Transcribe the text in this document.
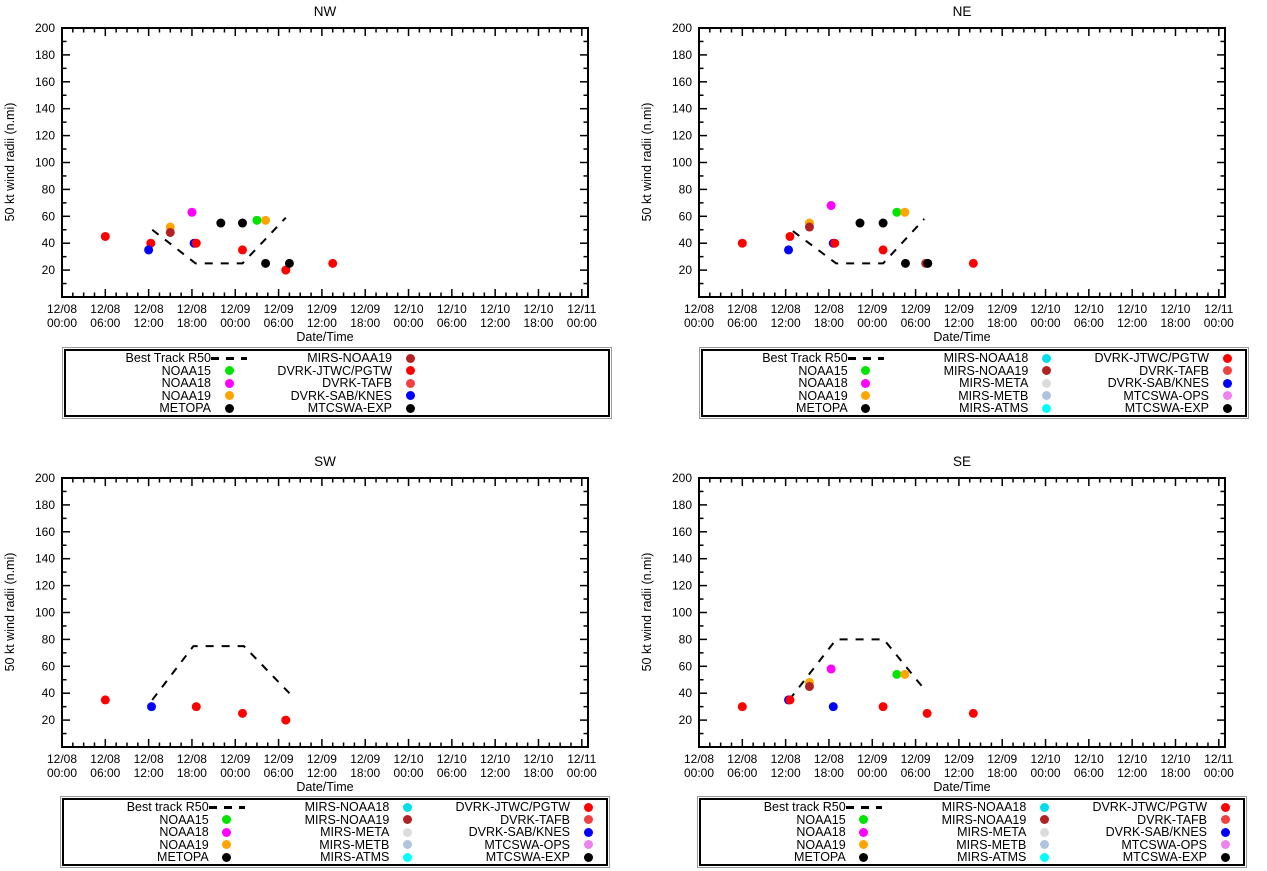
NW
50 kt wind radii (n.mi)
Date/Time
12/08
00:00
12/08
06:00
12/08
12:00
12/08
18:00
12/09
00:00
12/09
06:00
12/09
12:00
12/09
18:00
12/10
00:00
12/10
06:00
12/10
12:00
12/10
18:00
12/11
00:00
20
40
60
80
100
120
140
160
180
200
NE
50 kt wind radii (n.mi)
Date/Time
12/08
00:00
12/08
06:00
12/08
12:00
12/08
18:00
12/09
00:00
12/09
06:00
12/09
12:00
12/09
18:00
12/10
00:00
12/10
06:00
12/10
12:00
12/10
18:00
12/11
00:00
20
40
60
80
100
120
140
160
180
200
SW
50 kt wind radii (n.mi)
Date/Time
12/08
00:00
12/08
06:00
12/08
12:00
12/08
18:00
12/09
00:00
12/09
06:00
12/09
12:00
12/09
18:00
12/10
00:00
12/10
06:00
12/10
12:00
12/10
18:00
12/11
00:00
20
40
60
80
100
120
140
160
180
200
SE
50 kt wind radii (n.mi)
Date/Time
12/08
00:00
12/08
06:00
12/08
12:00
12/08
18:00
12/09
00:00
12/09
06:00
12/09
12:00
12/09
18:00
12/10
00:00
12/10
06:00
12/10
12:00
12/10
18:00
12/11
00:00
20
40
60
80
100
120
140
160
180
200
Best Track R50
NOAA15
NOAA18
NOAA19
METOPA
MIRS-NOAA19
DVRK-JTWC/PGTW
DVRK-TAFB
DVRK-SAB/KNES
MTCSWA-EXP
Best Track R50
NOAA15
NOAA18
NOAA19
METOPA
MIRS-NOAA18
MIRS-NOAA19
MIRS-META
MIRS-METB
MIRS-ATMS
DVRK-JTWC/PGTW
DVRK-TAFB
DVRK-SAB/KNES
MTCSWA-OPS
MTCSWA-EXP
Best track R50
NOAA15
NOAA18
NOAA19
METOPA
MIRS-NOAA18
MIRS-NOAA19
MIRS-META
MIRS-METB
MIRS-ATMS
DVRK-JTWC/PGTW
DVRK-TAFB
DVRK-SAB/KNES
MTCSWA-OPS
MTCSWA-EXP
Best track R50
NOAA15
NOAA18
NOAA19
METOPA
MIRS-NOAA18
MIRS-NOAA19
MIRS-META
MIRS-METB
MIRS-ATMS
DVRK-JTWC/PGTW
DVRK-TAFB
DVRK-SAB/KNES
MTCSWA-OPS
MTCSWA-EXP
